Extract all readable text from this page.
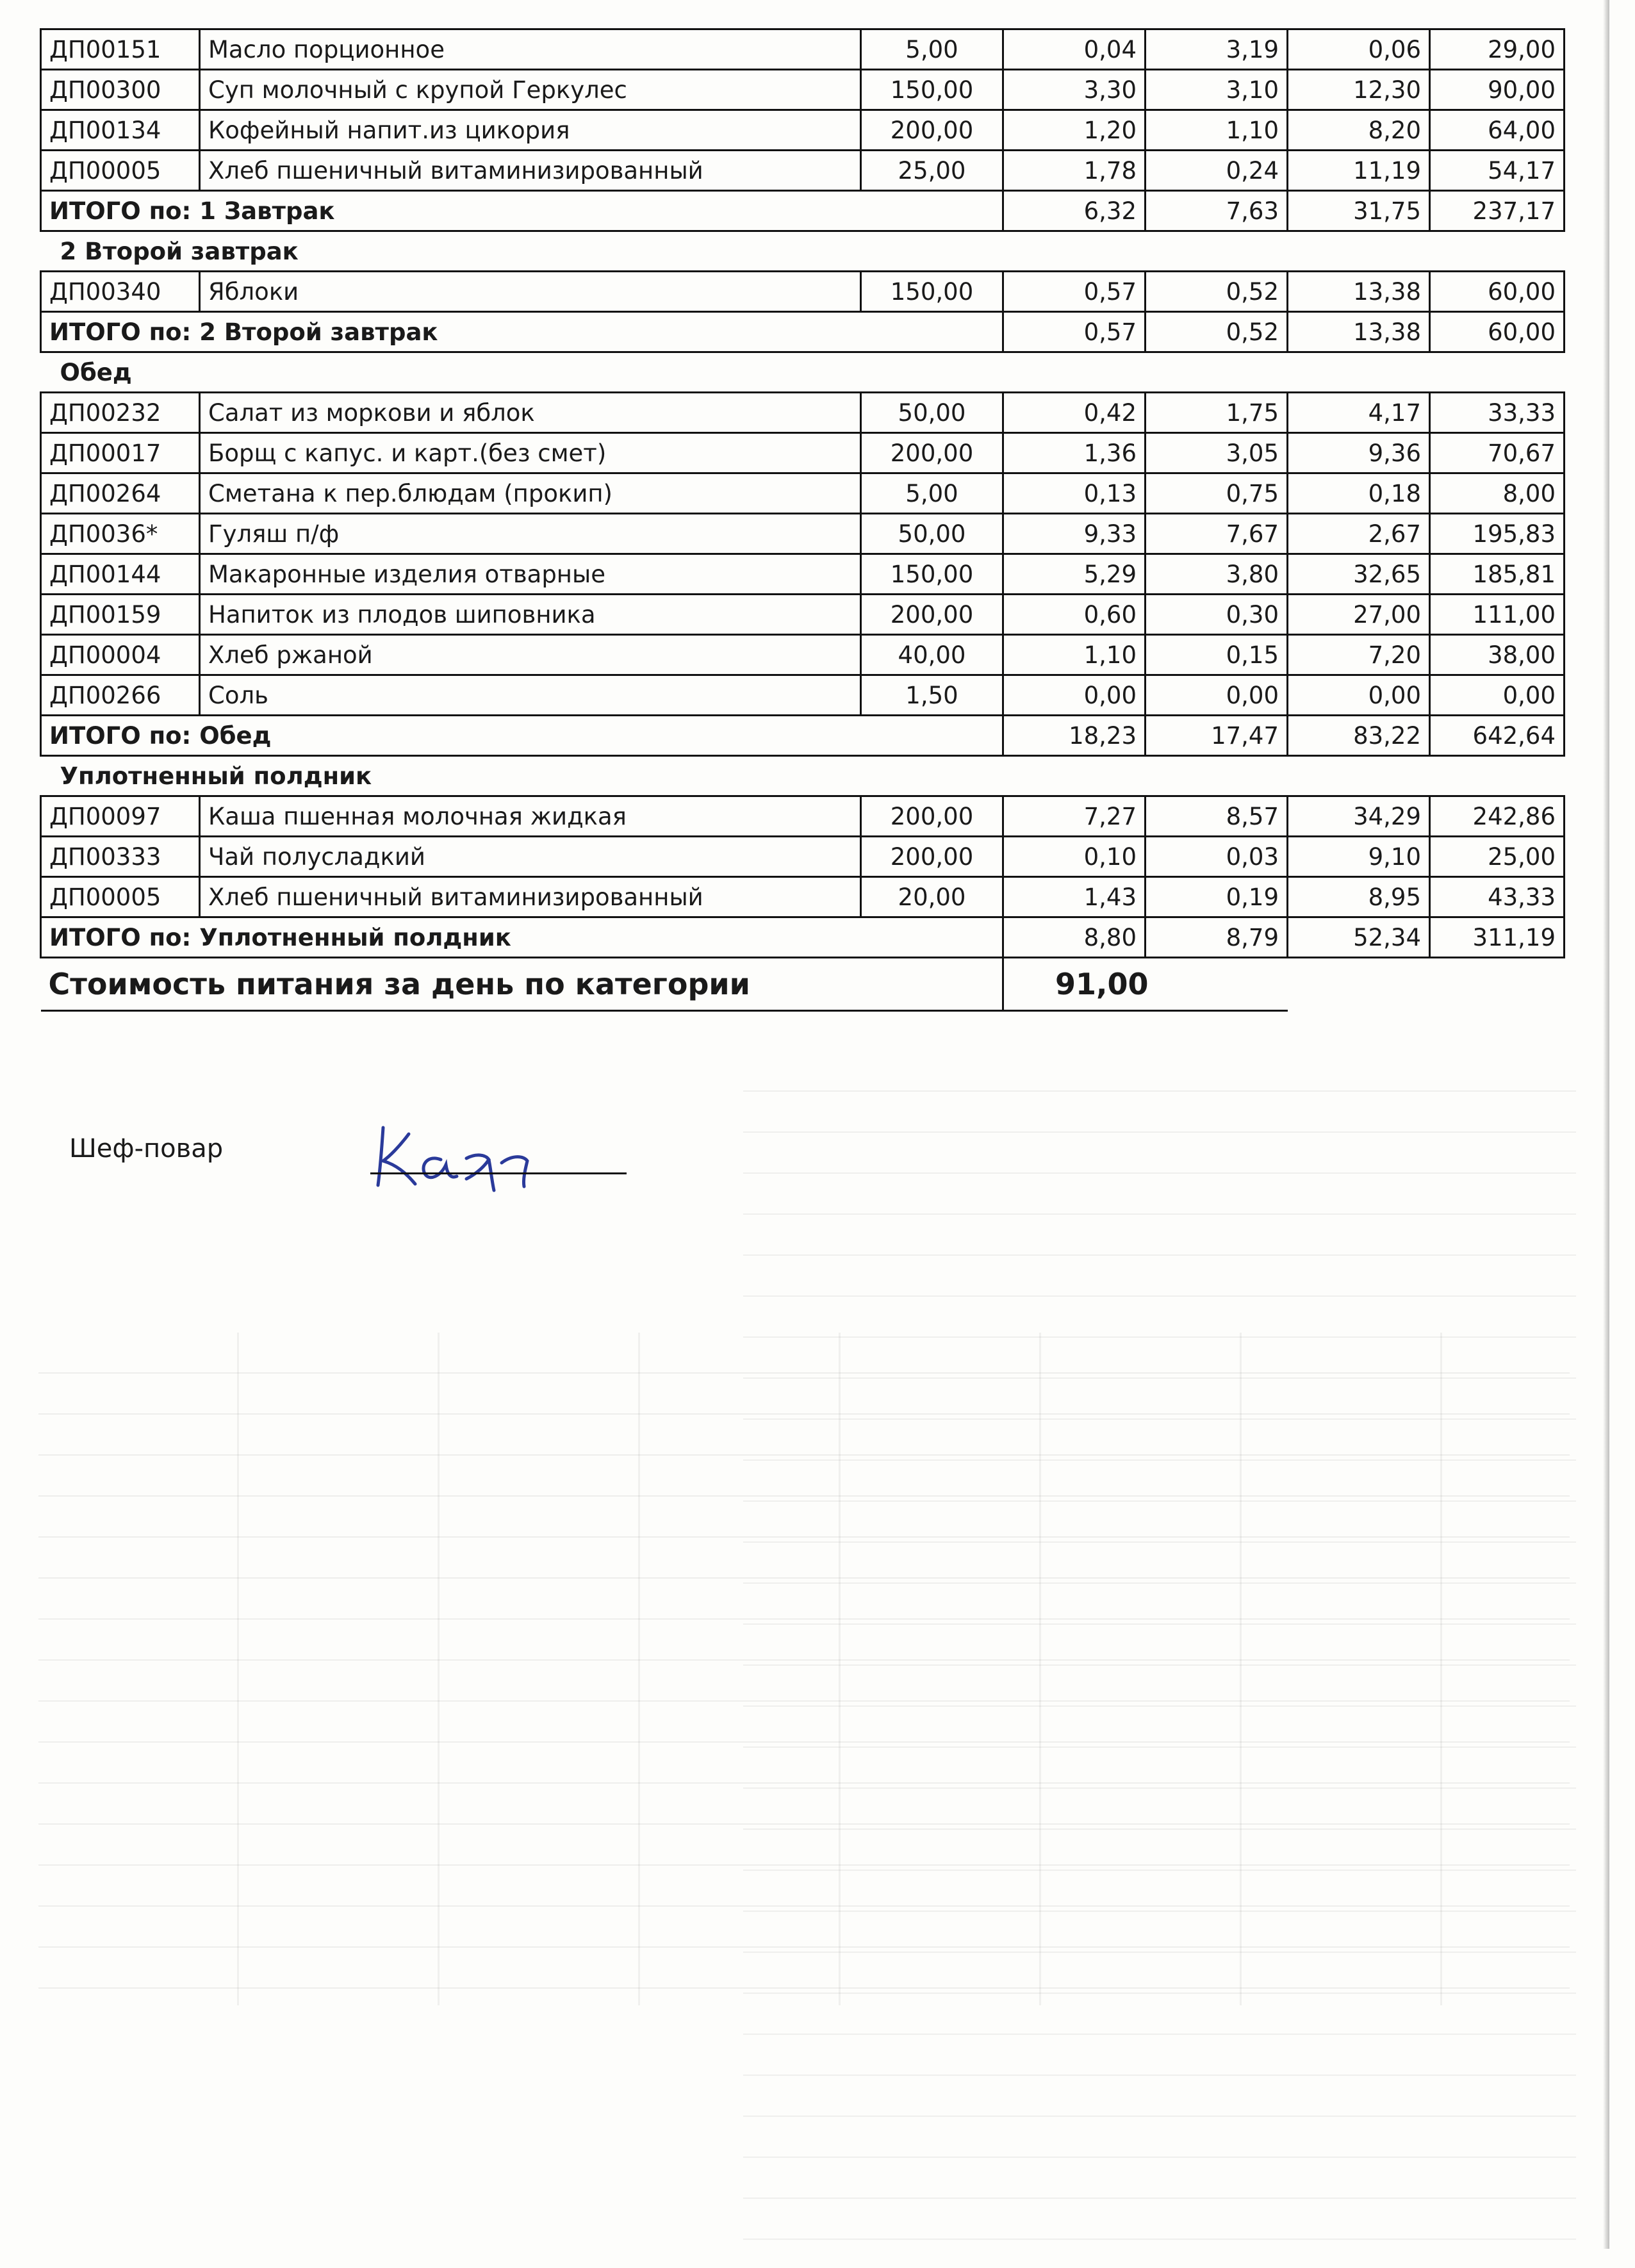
ДП00151	Масло порционное	5,00	0,04	3,19	0,06	29,00
ДП00300	Суп молочный с крупой Геркулес	150,00	3,30	3,10	12,30	90,00
ДП00134	Кофейный напит.из цикория	200,00	1,20	1,10	8,20	64,00
ДП00005	Хлеб пшеничный витаминизированный	25,00	1,78	0,24	11,19	54,17
ИТОГО по: 1 Завтрак			6,32	7,63	31,75	237,17
2 Второй завтрак						
ДП00340	Яблоки	150,00	0,57	0,52	13,38	60,00
ИТОГО по: 2 Второй завтрак			0,57	0,52	13,38	60,00
Обед						
ДП00232	Салат из моркови и яблок	50,00	0,42	1,75	4,17	33,33
ДП00017	Борщ с капус. и карт.(без смет)	200,00	1,36	3,05	9,36	70,67
ДП00264	Сметана к пер.блюдам (прокип)	5,00	0,13	0,75	0,18	8,00
ДП0036*	Гуляш п/ф	50,00	9,33	7,67	2,67	195,83
ДП00144	Макаронные изделия отварные	150,00	5,29	3,80	32,65	185,81
ДП00159	Напиток из плодов шиповника	200,00	0,60	0,30	27,00	111,00
ДП00004	Хлеб ржаной	40,00	1,10	0,15	7,20	38,00
ДП00266	Соль	1,50	0,00	0,00	0,00	0,00
ИТОГО по: Обед			18,23	17,47	83,22	642,64
Уплотненный полдник						
ДП00097	Каша пшенная молочная жидкая	200,00	7,27	8,57	34,29	242,86
ДП00333	Чай полусладкий	200,00	0,10	0,03	9,10	25,00
ДП00005	Хлеб пшеничный витаминизированный	20,00	1,43	0,19	8,95	43,33
ИТОГО по: Уплотненный полдник			8,80	8,79	52,34	311,19
Стоимость питания за день по категории			91,00			
Шеф-повар
